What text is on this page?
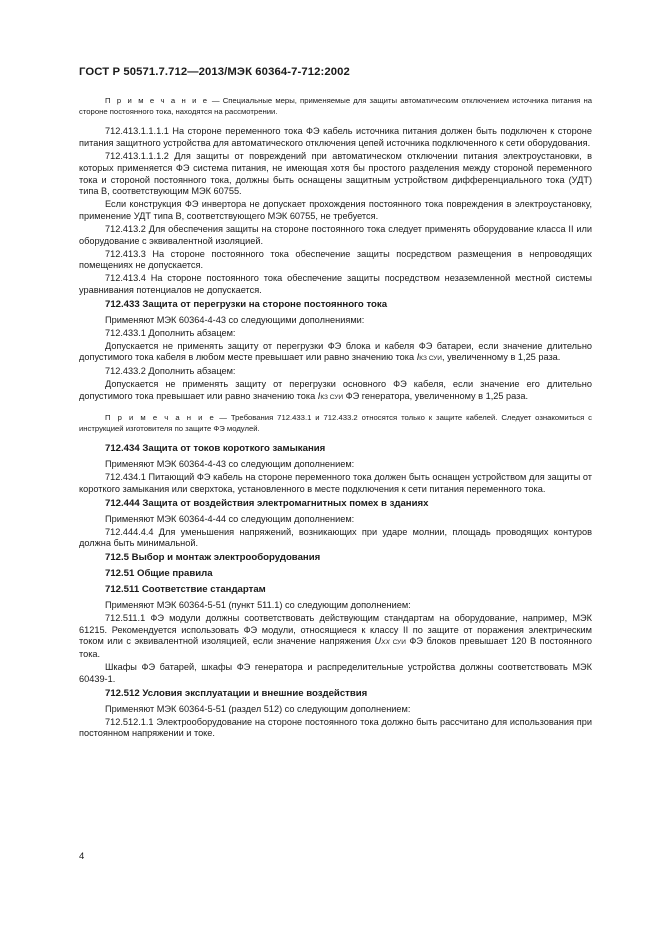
ГОСТ Р 50571.7.712—2013/МЭК 60364-7-712:2002

П р и м е ч а н и е — Специальные меры, применяемые для защиты автоматическим отключением источника питания на стороне постоянного тока, находятся на рассмотрении.

712.413.1.1.1.1 На стороне переменного тока ФЭ кабель источника питания должен быть подключен к стороне питания защитного устройства для автоматического отключения цепей источника подключенного к сети оборудования.

712.413.1.1.1.2 Для защиты от повреждений при автоматическом отключении питания электроустановки, в которых применяется ФЭ система питания, не имеющая хотя бы простого разделения между стороной переменного тока и стороной постоянного тока, должны быть оснащены защитным устройством дифференциального тока (УДТ) типа В, соответствующим МЭК 60755.

Если конструкция ФЭ инвертора не допускает прохождения постоянного тока повреждения в электроустановку, применение УДТ типа В, соответствующего МЭК 60755, не требуется.

712.413.2 Для обеспечения защиты на стороне постоянного тока следует применять оборудование класса II или оборудование с эквивалентной изоляцией.

712.413.3 На стороне постоянного тока обеспечение защиты посредством размещения в непроводящих помещениях не допускается.

712.413.4 На стороне постоянного тока обеспечение защиты посредством незаземленной местной системы уравнивания потенциалов не допускается.

712.433 Защита от перегрузки на стороне постоянного тока

Применяют МЭК 60364-4-43 со следующими дополнениями:

712.433.1 Дополнить абзацем:

Допускается не применять защиту от перегрузки ФЭ блока и кабеля ФЭ батареи, если значение длительно допустимого тока кабеля в любом месте превышает или равно значению тока IКЗ СУИ, увеличенному в 1,25 раза.

712.433.2 Дополнить абзацем:

Допускается не применять защиту от перегрузки основного ФЭ кабеля, если значение его длительно допустимого тока превышает или равно значению тока IКЗ СУИ ФЭ генератора, увеличенному в 1,25 раза.

П р и м е ч а н и е — Требования 712.433.1 и 712.433.2 относятся только к защите кабелей. Следует ознакомиться с инструкцией изготовителя по защите ФЭ модулей.

712.434 Защита от токов короткого замыкания

Применяют МЭК 60364-4-43 со следующим дополнением:

712.434.1 Питающий ФЭ кабель на стороне переменного тока должен быть оснащен устройством для защиты от короткого замыкания или сверхтока, установленного в месте подключения к сети питания переменного тока.

712.444 Защита от воздействия электромагнитных помех в зданиях

Применяют МЭК 60364-4-44 со следующим дополнением:

712.444.4.4 Для уменьшения напряжений, возникающих при ударе молнии, площадь проводящих контуров должна быть минимальной.

712.5 Выбор и монтаж электрооборудования
712.51 Общие правила
712.511 Соответствие стандартам

Применяют МЭК 60364-5-51 (пункт 511.1) со следующим дополнением:

712.511.1 ФЭ модули должны соответствовать действующим стандартам на оборудование, например, МЭК 61215. Рекомендуется использовать ФЭ модули, относящиеся к классу II по защите от поражения электрическим током или с эквивалентной изоляцией, если значение напряжения UXX СУИ ФЭ блоков превышает 120 В постоянного тока.

Шкафы ФЭ батарей, шкафы ФЭ генератора и распределительные устройства должны соответствовать МЭК 60439-1.

712.512 Условия эксплуатации и внешние воздействия

Применяют МЭК 60364-5-51 (раздел 512) со следующим дополнением:

712.512.1.1 Электрооборудование на стороне постоянного тока должно быть рассчитано для использования при постоянном напряжении и токе.

4
